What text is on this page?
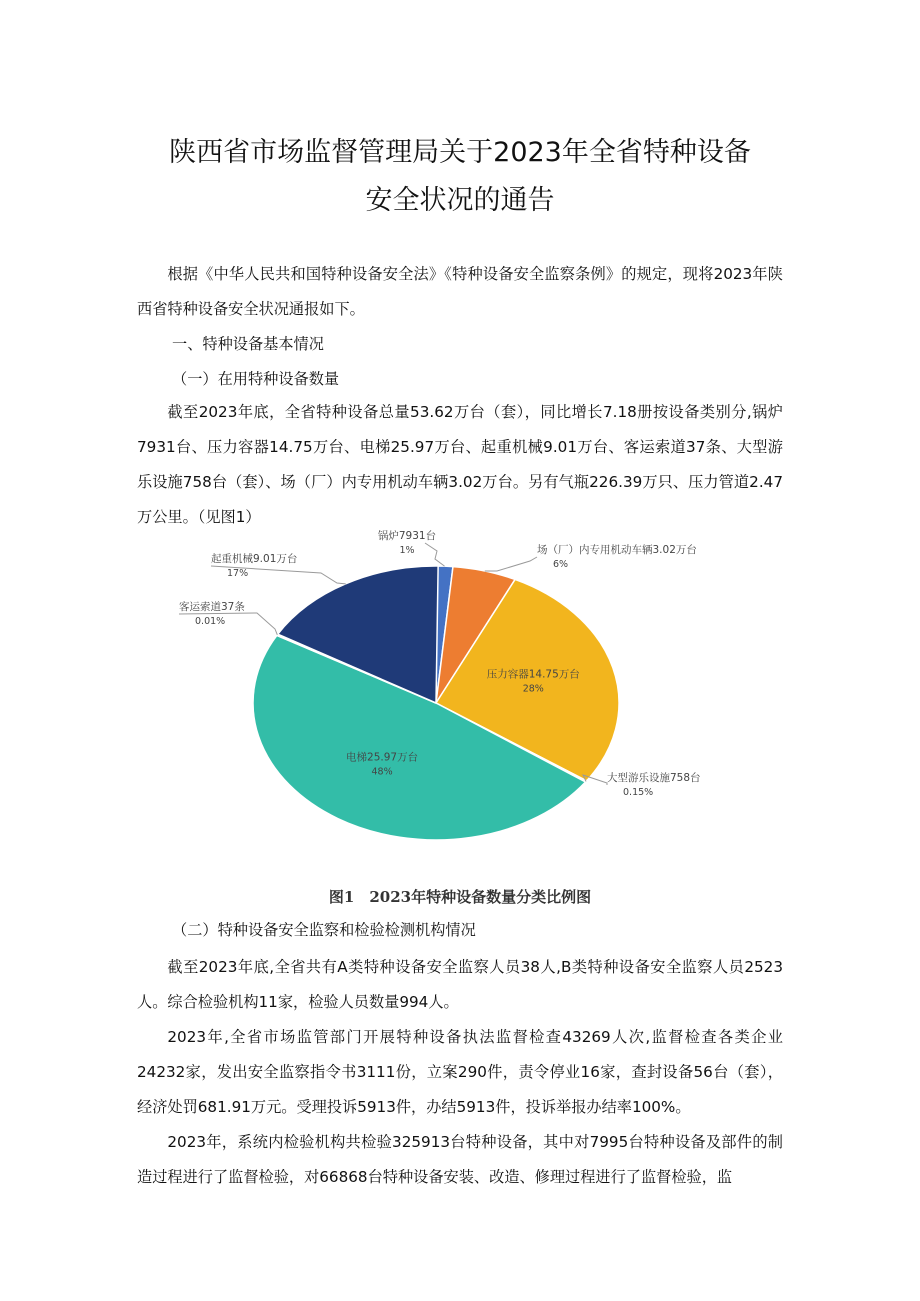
陕西省市场监督管理局关于2023年全省特种设备
安全状况的通告

根据《中华人民共和国特种设备安全法》《特种设备安全监察条例》的规定，现将2023年陕西省特种设备安全状况通报如下。

一、特种设备基本情况

（一）在用特种设备数量

截至2023年底，全省特种设备总量53.62万台（套），同比增长7.18册按设备类别分,锅炉7931台、压力容器14.75万台、电梯25.97万台、起重机械9.01万台、客运索道37条、大型游乐设施758台（套）、场（厂）内专用机动车辆3.02万台。另有气瓶226.39万只、压力管道2.47万公里。（见图1）

锅炉7931台
1%	场（厂）内专用机动车辆3.02万台
6%
压力容器14.75万台
28%
大型游乐设施758台
0.15%
电梯25.97万台
48%
客运索道37条
0.01%
起重机械9.01万台
17%
图1　2023年特种设备数量分类比例图

（二）特种设备安全监察和检验检测机构情况

截至2023年底,全省共有A类特种设备安全监察人员38人,B类特种设备安全监察人员2523人。综合检验机构11家，检验人员数量994人。

2023年,全省市场监管部门开展特种设备执法监督检查43269人次,监督检查各类企业24232家，发出安全监察指令书3111份，立案290件，责令停业16家，查封设备56台（套），经济处罚681.91万元。受理投诉5913件，办结5913件，投诉举报办结率100%。

2023年，系统内检验机构共检验325913台特种设备，其中对7995台特种设备及部件的制造过程进行了监督检验，对66868台特种设备安装、改造、修理过程进行了监督检验，监
